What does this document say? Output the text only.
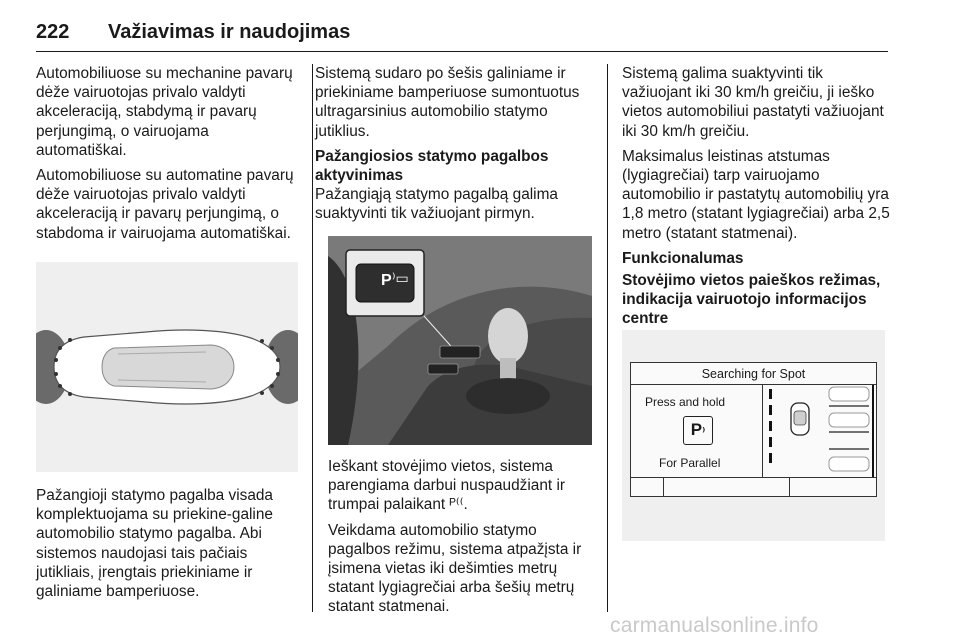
222 Važiavimas ir naudojimas

Automobiliuose su mechanine pavarų dėže vairuotojas privalo valdyti akceleraciją, stabdymą ir pavarų perjungimą, o vairuojama automatiškai.

Automobiliuose su automatine pavarų dėže vairuotojas privalo valdyti akceleraciją ir pavarų perjungimą, o stabdoma ir vairuojama automatiškai.

Pažangioji statymo pagalba visada komplektuojama su priekine-galine automobilio statymo pagalba. Abi sistemos naudojasi tais pačiais jutikliais, įrengtais priekiniame ir galiniame bamperiuose.

Sistemą sudaro po šešis galiniame ir priekiniame bamperiuose sumontuotus ultragarsinius automobilio statymo jutiklius.

Pažangiosios statymo pagalbos aktyvinimas

Pažangiąją statymo pagalbą galima suaktyvinti tik važiuojant pirmyn.

P ⁾▭

Ieškant stovėjimo vietos, sistema parengiama darbui nuspaudžiant ir trumpai palaikant ᴾ⁽⁽.

Veikdama automobilio statymo pagalbos režimu, sistema atpažįsta ir įsimena vietas iki dešimties metrų statant lygiagrečiai arba šešių metrų statant statmenai.

Sistemą galima suaktyvinti tik važiuojant iki 30 km/h greičiu, ji ieško vietos automobiliui pastatyti važiuojant iki 30 km/h greičiu.

Maksimalus leistinas atstumas (lygiagrečiai) tarp vairuojamo automobilio ir pastatytų automobilių yra 1,8 metro (statant lygiagrečiai) arba 2,5 metro (statant statmenai).

Funkcionalumas
Stovėjimo vietos paieškos režimas, indikacija vairuotojo informacijos centre
Searching for Spot
Press and hold
P⁾
For Parallel
carmanualsonline.info
